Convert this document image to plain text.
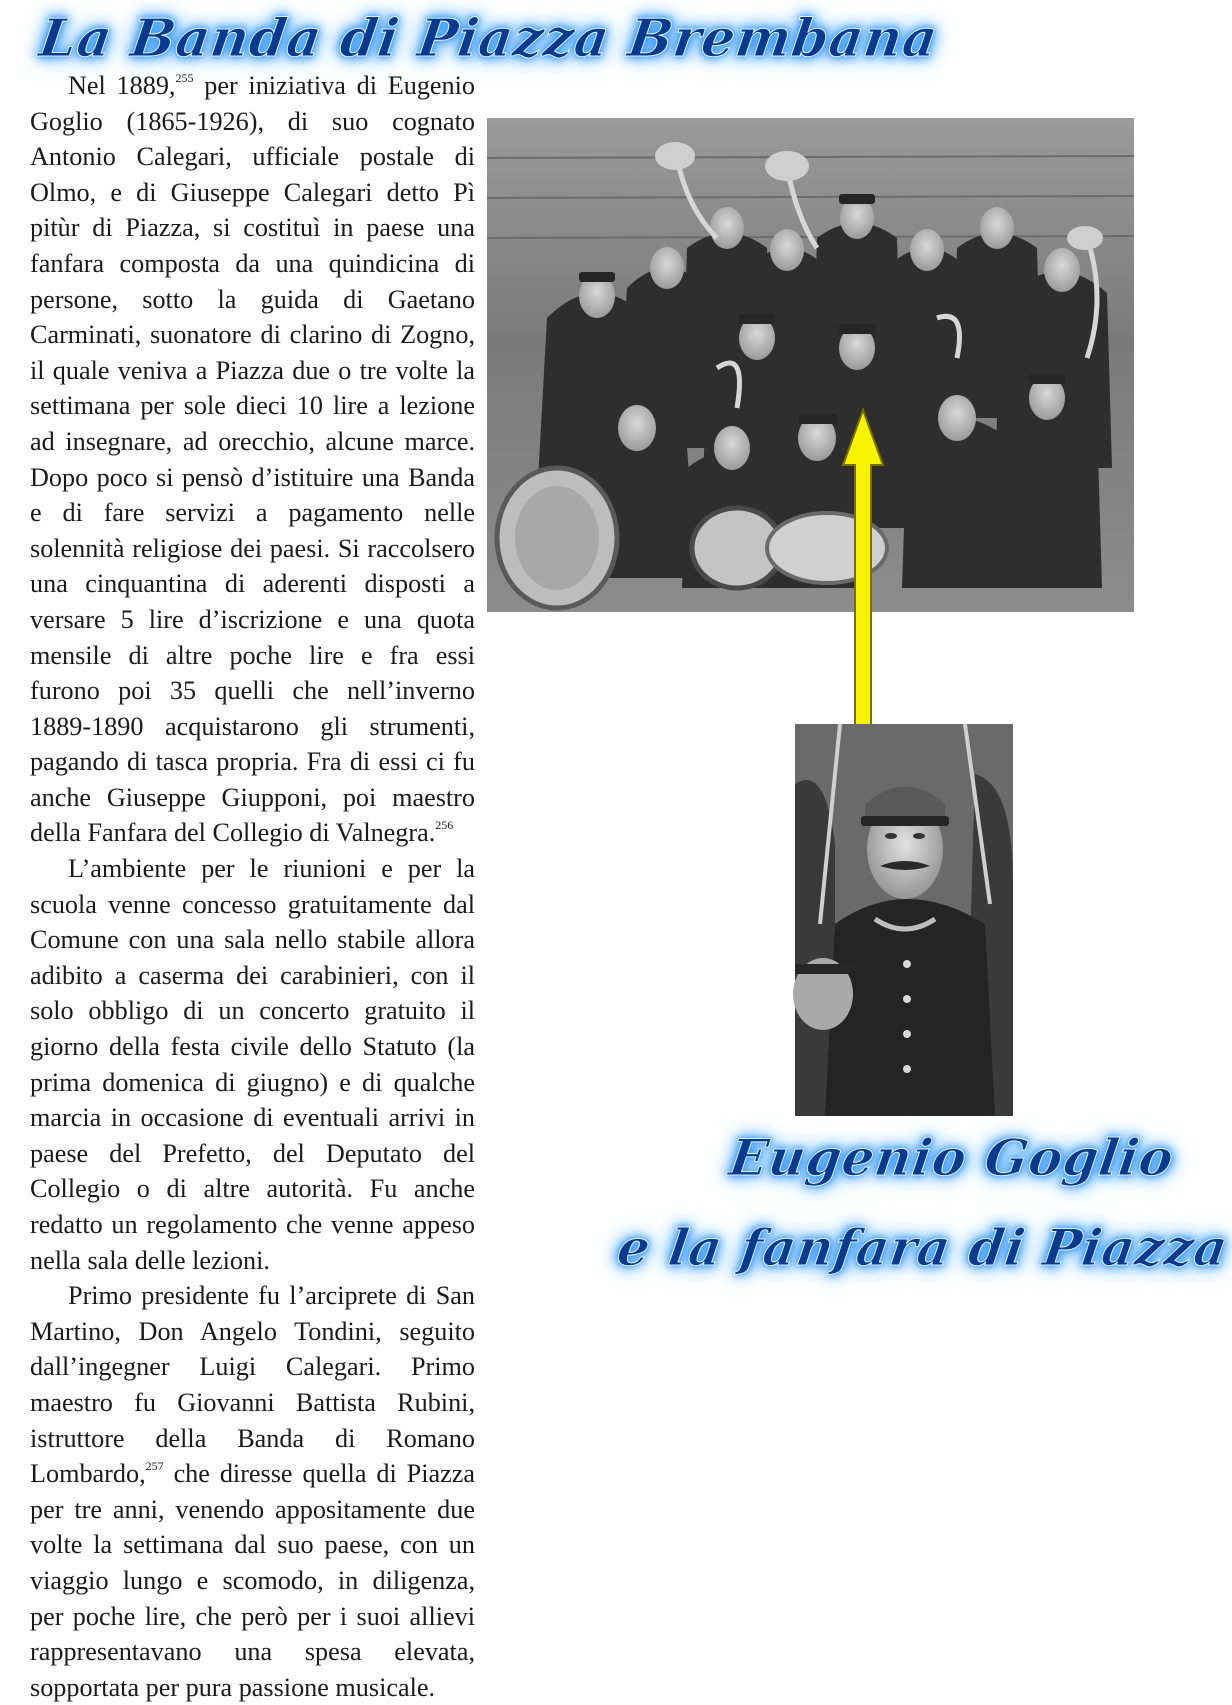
La Banda di Piazza Brembana

Nel 1889,$^{255}$ per iniziativa di Eugenio Goglio (1865-1926), di suo cognato Antonio Calegari, ufficiale postale di Olmo, e di Giuseppe Calegari detto Pì pitùr di Piazza, si costituì in paese una fanfara composta da una quindicina di persone, sotto la guida di Gaetano Carminati, suonatore di clarino di Zogno, il quale veniva a Piazza due o tre volte la settimana per sole dieci 10 lire a lezione ad insegnare, ad orecchio, alcune marce. Dopo poco si pensò d’istituire una Banda e di fare servizi a pagamento nelle solennità religiose dei paesi. Si raccolsero una cinquantina di aderenti disposti a versare 5 lire d’iscrizione e una quota mensile di altre poche lire e fra essi furono poi 35 quelli che nell’inverno 1889-1890 acquistarono gli strumenti, pagando di tasca propria. Fra di essi ci fu anche Giuseppe Giupponi, poi maestro della Fanfara del Collegio di Valnegra.$^{256}$

L’ambiente per le riunioni e per la scuola venne concesso gratuitamente dal Comune con una sala nello stabile allora adibito a caserma dei carabinieri, con il solo obbligo di un concerto gratuito il giorno della festa civile dello Statuto (la prima domenica di giugno) e di qualche marcia in occasione di eventuali arrivi in paese del Prefetto, del Deputato del Collegio o di altre autorità. Fu anche redatto un regolamento che venne appeso nella sala delle lezioni.

Primo presidente fu l’arciprete di San Martino, Don Angelo Tondini, seguito dall’ingegner Luigi Calegari. Primo maestro fu Giovanni Battista Rubini, istruttore della Banda di Romano Lombardo,$^{257}$ che diresse quella di Piazza per tre anni, venendo appositamente due volte la settimana dal suo paese, con un viaggio lungo e scomodo, in diligenza, per poche lire, che però per i suoi allievi rappresentavano una spesa elevata, sopportata per pura passione musicale.

Eugenio Goglio
e la fanfara di Piazza
